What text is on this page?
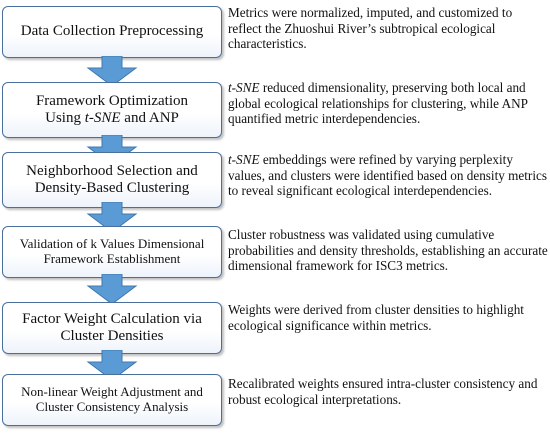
Data Collection Preprocessing
Metrics were normalized, imputed, and customized to reflect the Zhuoshui River’s subtropical ecological characteristics.
Framework Optimization
Using t-SNE and ANP
t-SNE reduced dimensionality, preserving both local and global ecological relationships for clustering, while ANP quantified metric interdependencies.
Neighborhood Selection and
Density-Based Clustering
t-SNE embeddings were refined by varying perplexity values, and clusters were identified based on density metrics to reveal significant ecological interdependencies.
Validation of k Values Dimensional
Framework Establishment
Cluster robustness was validated using cumulative probabilities and density thresholds, establishing an accurate dimensional framework for ISC3 metrics.
Factor Weight Calculation via
Cluster Densities
Weights were derived from cluster densities to highlight ecological significance within metrics.
Non-linear Weight Adjustment and
Cluster Consistency Analysis
Recalibrated weights ensured intra-cluster consistency and robust ecological interpretations.
